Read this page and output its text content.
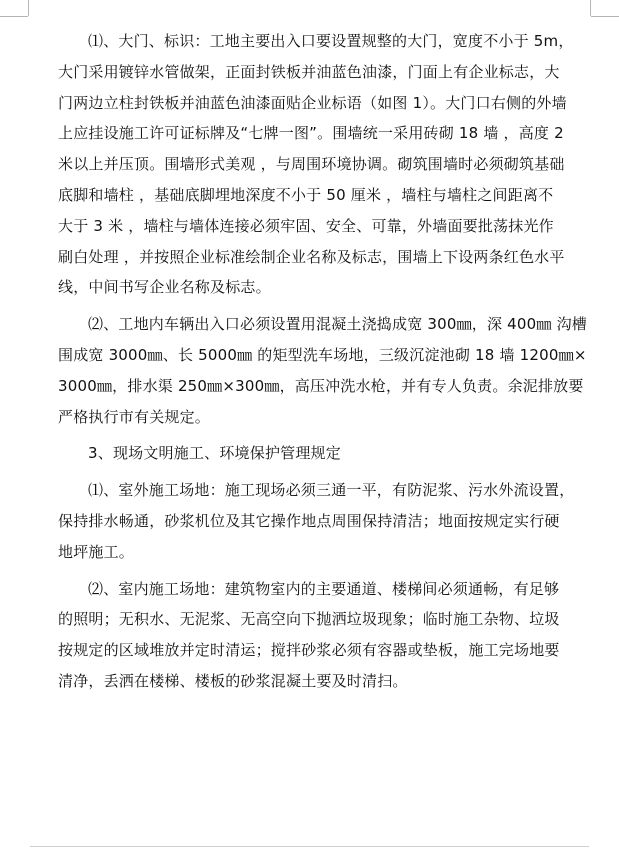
⑴、大门、标识：工地主要出入口要设置规整的大门，宽度不小于 5m，
大门采用镀锌水管做架，正面封铁板并油蓝色油漆，门面上有企业标志，大
门两边立柱封铁板并油蓝色油漆面贴企业标语（如图 1）。大门口右侧的外墙
上应挂设施工许可证标牌及“七牌一图”。围墙统一采用砖砌 18 墙 ，高度 2
米以上并压顶。围墙形式美观 ，与周围环境协调。砌筑围墙时必须砌筑基础
底脚和墙柱 ，基础底脚埋地深度不小于 50 厘米 ，墙柱与墙柱之间距离不
大于 3 米 ，墙柱与墙体连接必须牢固、安全、可靠，外墙面要批荡抹光作
刷白处理 ，并按照企业标准绘制企业名称及标志，围墙上下设两条红色水平
线，中间书写企业名称及标志。

⑵、工地内车辆出入口必须设置用混凝土浇捣成宽 300㎜，深 400㎜ 沟槽
围成宽 3000㎜、长 5000㎜ 的矩型洗车场地，三级沉淀池砌 18 墙 1200㎜×
3000㎜，排水渠 250㎜×300㎜，高压冲洗水枪，并有专人负责。余泥排放要
严格执行市有关规定。

3、现场文明施工、环境保护管理规定

⑴、室外施工场地：施工现场必须三通一平，有防泥浆、污水外流设置，
保持排水畅通，砂浆机位及其它操作地点周围保持清洁；地面按规定实行硬
地坪施工。

⑵、室内施工场地：建筑物室内的主要通道、楼梯间必须通畅，有足够
的照明；无积水、无泥浆、无高空向下抛洒垃圾现象；临时施工杂物、垃圾
按规定的区域堆放并定时清运；搅拌砂浆必须有容器或垫板，施工完场地要
清净，丢洒在楼梯、楼板的砂浆混凝土要及时清扫。
